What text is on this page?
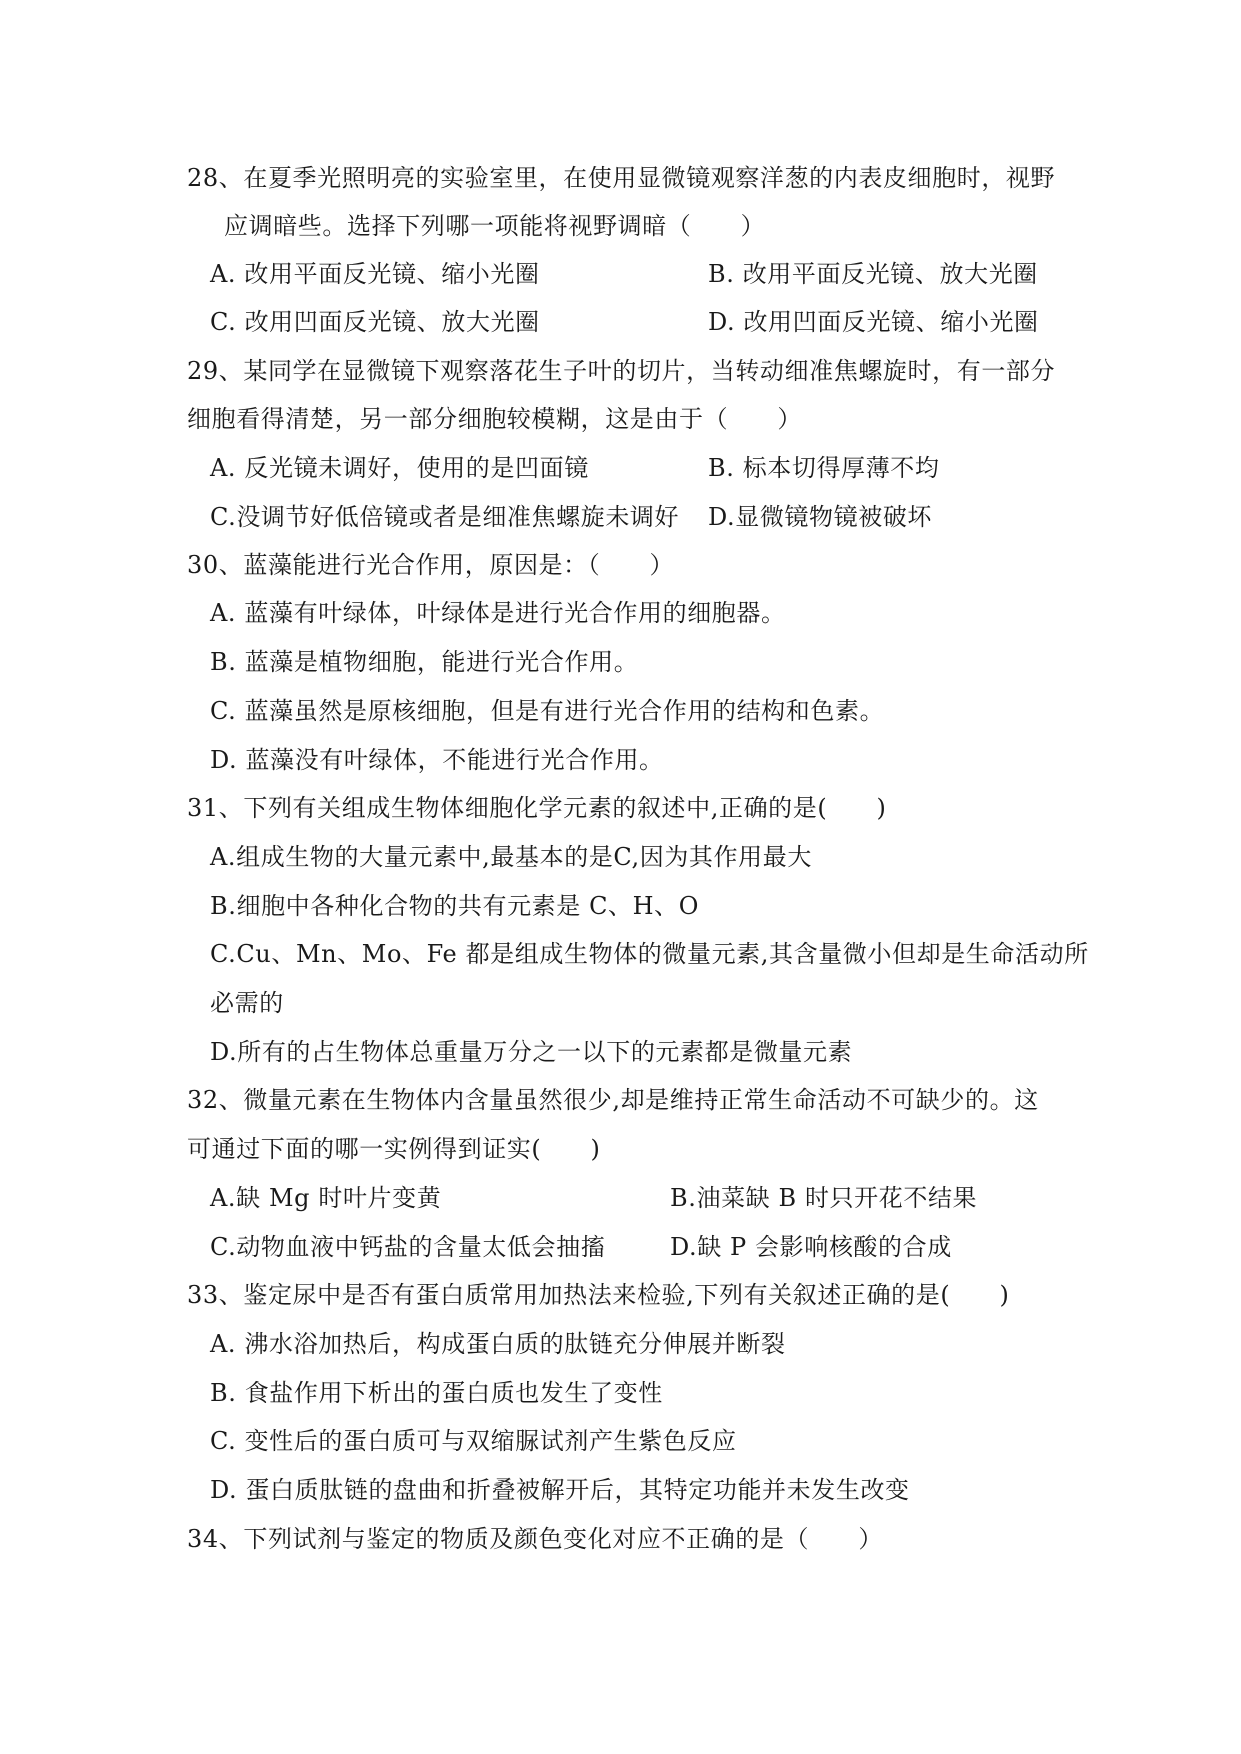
28、在夏季光照明亮的实验室里，在使用显微镜观察洋葱的内表皮细胞时，视野
应调暗些。选择下列哪一项能将视野调暗（　　）
A. 改用平面反光镜、缩小光圈	B. 改用平面反光镜、放大光圈
C. 改用凹面反光镜、放大光圈	D. 改用凹面反光镜、缩小光圈
29、某同学在显微镜下观察落花生子叶的切片，当转动细准焦螺旋时，有一部分
细胞看得清楚，另一部分细胞较模糊，这是由于（　　）
A. 反光镜未调好，使用的是凹面镜	B. 标本切得厚薄不均
C.没调节好低倍镜或者是细准焦螺旋未调好 D.显微镜物镜被破坏
30、蓝藻能进行光合作用，原因是：（　　）
A. 蓝藻有叶绿体，叶绿体是进行光合作用的细胞器。
B. 蓝藻是植物细胞，能进行光合作用。
C. 蓝藻虽然是原核细胞，但是有进行光合作用的结构和色素。
D. 蓝藻没有叶绿体，不能进行光合作用。
31、下列有关组成生物体细胞化学元素的叙述中,正确的是(　　)
A.组成生物的大量元素中,最基本的是C,因为其作用最大
B.细胞中各种化合物的共有元素是 C、H、O
C.Cu、Mn、Mo、Fe 都是组成生物体的微量元素,其含量微小但却是生命活动所
必需的
D.所有的占生物体总重量万分之一以下的元素都是微量元素
32、微量元素在生物体内含量虽然很少,却是维持正常生命活动不可缺少的。这
可通过下面的哪一实例得到证实(　　)
A.缺 Mg 时叶片变黄	B.油菜缺 B 时只开花不结果
C.动物血液中钙盐的含量太低会抽搐	D.缺 P 会影响核酸的合成
33、鉴定尿中是否有蛋白质常用加热法来检验,下列有关叙述正确的是(　　)
A. 沸水浴加热后，构成蛋白质的肽链充分伸展并断裂
B. 食盐作用下析出的蛋白质也发生了变性
C. 变性后的蛋白质可与双缩脲试剂产生紫色反应
D. 蛋白质肽链的盘曲和折叠被解开后，其特定功能并未发生改变
34、下列试剂与鉴定的物质及颜色变化对应不正确的是（　　）
